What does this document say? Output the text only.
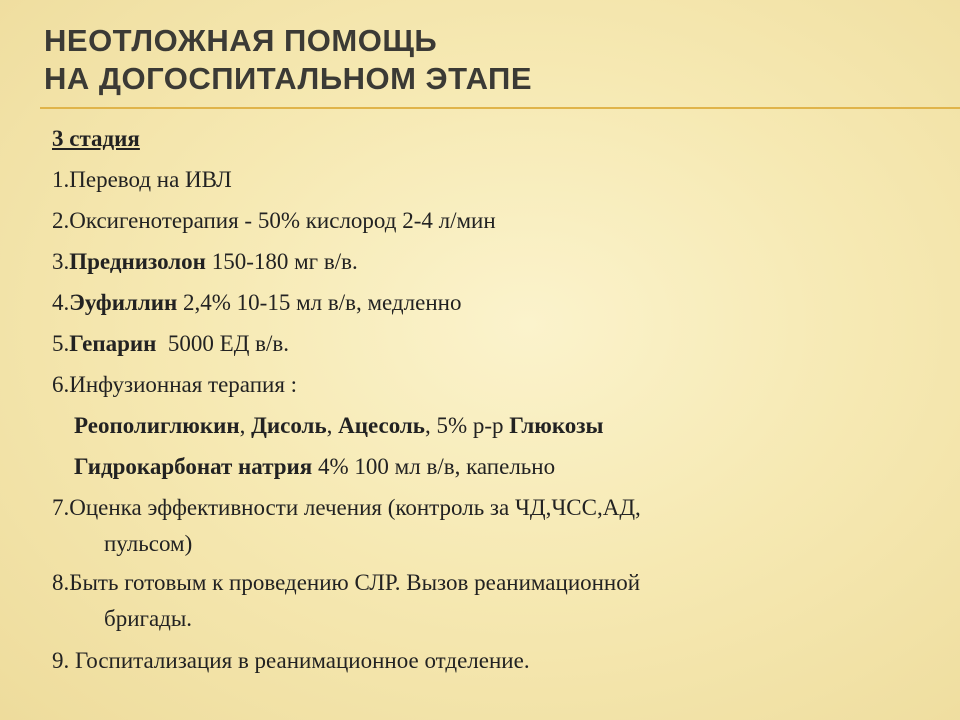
НЕОТЛОЖНАЯ ПОМОЩЬ
НА ДОГОСПИТАЛЬНОМ ЭТАПЕ
3 стадия
1.Перевод на ИВЛ
2.Оксигенотерапия - 50% кислород 2-4 л/мин
3.Преднизолон 150-180 мг в/в.
4.Эуфиллин 2,4% 10-15 мл в/в, медленно
5.Гепарин  5000 ЕД в/в.
6.Инфузионная терапия :
Реополиглюкин, Дисоль, Ацесоль, 5% р-р Глюкозы
Гидрокарбонат натрия 4% 100 мл в/в, капельно
7.Оценка эффективности лечения (контроль за ЧД,ЧСС,АД,
пульсом)
8.Быть готовым к проведению СЛР. Вызов реанимационной
бригады.
9. Госпитализация в реанимационное отделение.
